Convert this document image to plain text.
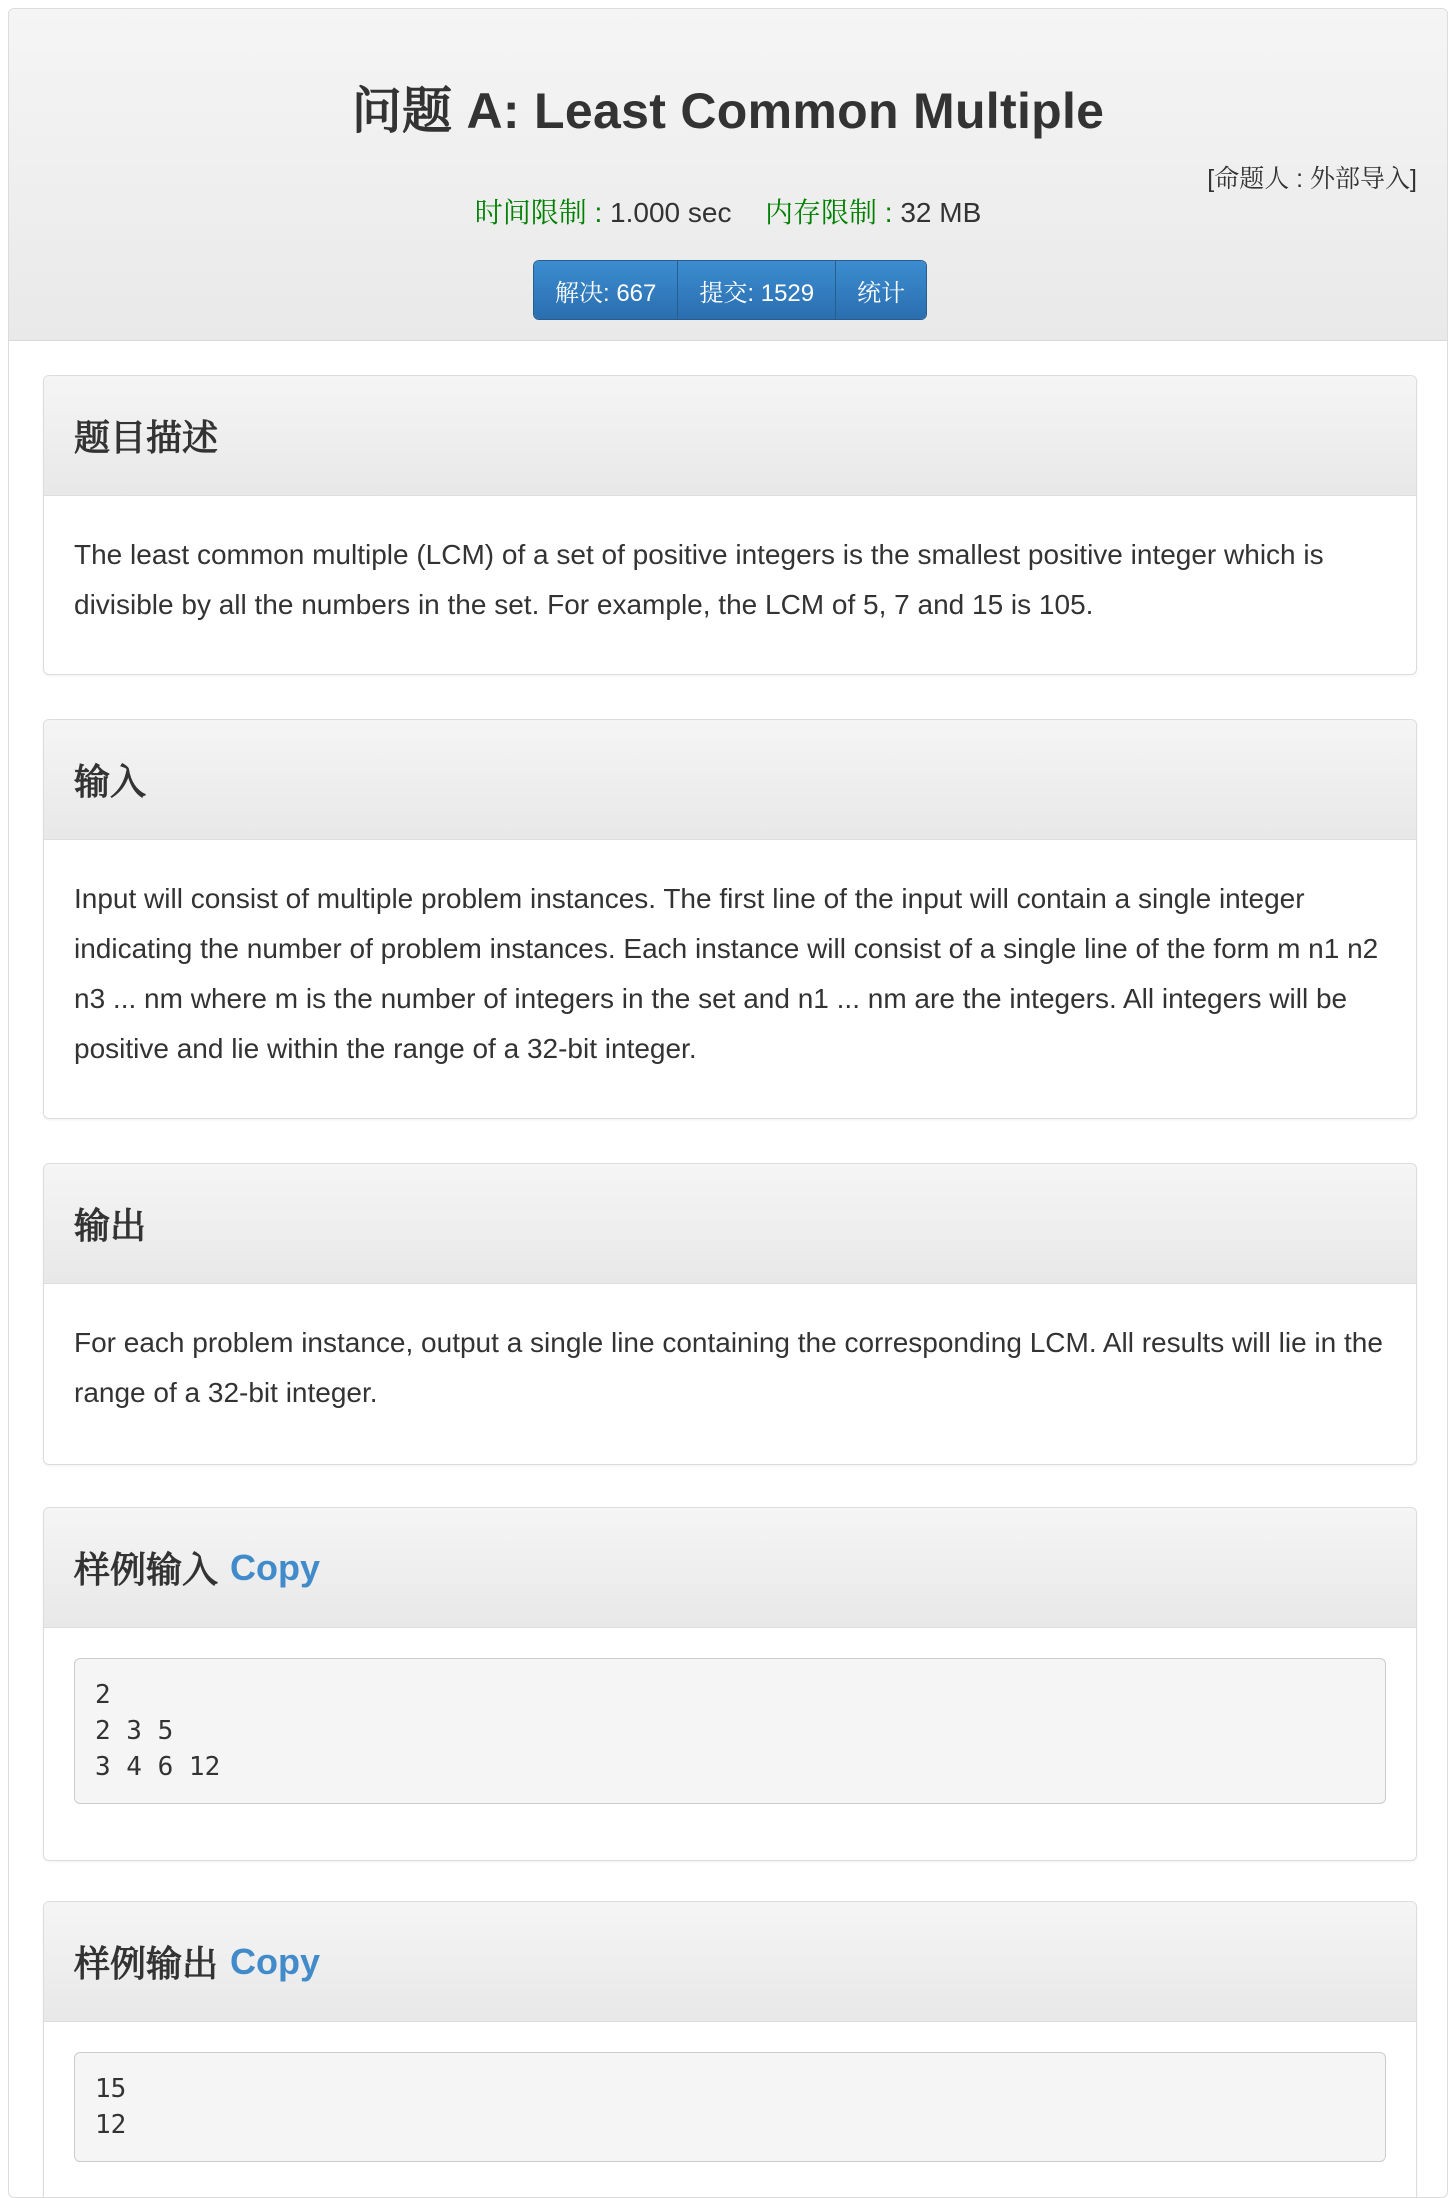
问题 A: Least Common Multiple
[命题人 : 外部导入]
时间限制 : 1.000 sec 内存限制 : 32 MB
解决: 667	提交: 1529	统计
题目描述
The least common multiple (LCM) of a set of positive integers is the smallest positive integer which is divisible by all the numbers in the set. For example, the LCM of 5, 7 and 15 is 105.
输入
Input will consist of multiple problem instances. The first line of the input will contain a single integer indicating the number of problem instances. Each instance will consist of a single line of the form m n1 n2 n3 ... nm where m is the number of integers in the set and n1 ... nm are the integers. All integers will be positive and lie within the range of a 32-bit integer.
输出
For each problem instance, output a single line containing the corresponding LCM. All results will lie in the range of a 32-bit integer.
样例输入 Copy
2
2 3 5
3 4 6 12
样例输出 Copy
15
12
